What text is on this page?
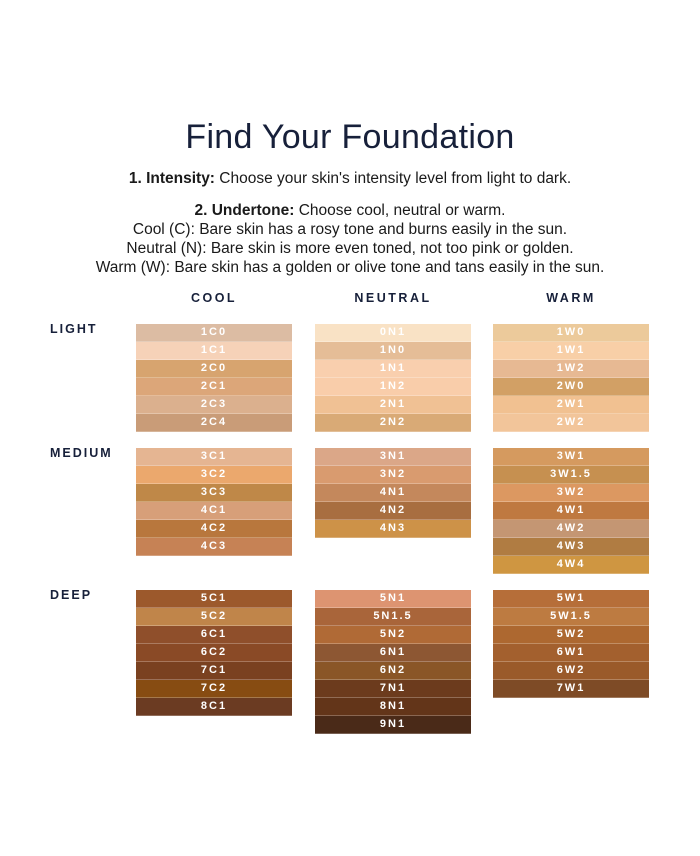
Find Your Foundation
1. Intensity: Choose your skin's intensity level from light to dark.
2. Undertone: Choose cool, neutral or warm.
Cool (C): Bare skin has a rosy tone and burns easily in the sun.
Neutral (N): Bare skin is more even toned, not too pink or golden.
Warm (W): Bare skin has a golden or olive tone and tans easily in the sun.
COOL	NEUTRAL	WARM
LIGHT
MEDIUM
DEEP
1C0
1C1
2C0
2C1
2C3
2C4
0N1
1N0
1N1
1N2
2N1
2N2
1W0
1W1
1W2
2W0
2W1
2W2
3C1
3C2
3C3
4C1
4C2
4C3
3N1
3N2
4N1
4N2
4N3
3W1
3W1.5
3W2
4W1
4W2
4W3
4W4
5C1
5C2
6C1
6C2
7C1
7C2
8C1
5N1
5N1.5
5N2
6N1
6N2
7N1
8N1
9N1
5W1
5W1.5
5W2
6W1
6W2
7W1
